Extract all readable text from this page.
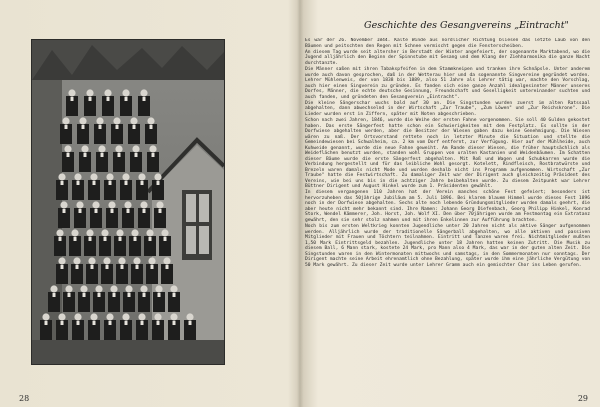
28
Geschichte des Gesangvereins „Eintracht"

Es war der 26. November 1844. Kalte Winde aus nördlicher Richtung bliesen das letzte Laub von den Bäumen und peitschten den Regen mit Schnee vermischt gegen die Fensterscheiben.

An diesem Tag wurde seit altersher in Berstadt der Winter angefeiert, der sogenannte Marktabend, wo die Jugend alljährlich den Beginn der Spinnstube mit Gesang und dem Klang der Ziehharmonika die ganze Nacht durchtanzte.

Die Männer saßen mit ihren Tabakspfeifen in dem Stammkneipen und tranken ihre Schnäpsle. Unter anderem wurde auch davon gesprochen, daß in der Wetterau hier und da sogenannte Singvereine gegründet worden. Lehrer Mühlenweis, der von 1838 bis 1889, also 51 Jahre als Lehrer tätig war, machte den Vorschlag, auch hier einen Singverein zu gründen. Es fanden sich eine ganze Anzahl idealgesinnter Männer unseres Dorfes, Männer, die echte deutsche Gesinnung, Freundschaft und Geselligkeit untereinander suchten und auch fanden, und gründeten den Gesangverein „Eintracht".

Die kleine Sängerschar wuchs bald auf 30 an. Die Singstunden wurden zuerst im alten Ratssaal abgehalten, dann abwechselnd in der Wirtschaft „Zur Traube", „Zum Löwen" und „Zur Reichskrone". Die Lieder wurden erst in Ziffern, später mit Noten abgeschrieben.

Schon nach zwei Jahren, 1846, wurde die Weihe der ersten Fahne vorgenommen. Sie soll 40 Gulden gekostet haben. Das erste Sängerfest hatte schon ein Schwierigkeiten mit dem Festplatz. Es sollte in der Dorfwiese abgehalten werden, aber die Besitzer der Wiesen gaben dazu keine Genehmigung. Die Wiesen wären zu naß. Der Ortsvorstand rettete noch in letzter Minute die Situation und stellte die Gemeindewiesen bei Schwalheim, ca. 2 km vom Dorf entfernt, zur Verfügung. Hier auf der Mühlheide, auch Kuhweide genannt, wurde die neue Fahne geweiht. Am Rande dieser Wiesen, die früher hauptsächlich als Weideflächen benutzt wurden, standen wohl Gruppen von uralten Kastanien und Weidenbäumen. Im Schatten dieser Bäume wurde die erste Sängerfest abgehalten. Mit Roß und Wagen und Schubkarren wurde die Verbindung hergestellt und für das leibliche Wohl gesorgt. Kotelett, Rindfleisch, Rostbratwürste und Brezeln waren damals nicht Mode und wurden deshalb nicht ins Programm aufgenommen. Wirtschaft „Zur Traube" hatte die Festwirtschaft. Zu damaliger Zeit war der Dirigent auch gleichzeitig Präsident des Vereins, wie bei uns bis in die achtziger Jahre beibehalten wurde. Zu diesem Zeitpunkt war Lehrer Büttner Dirigent und August Hinkel wurde zum 1. Präsidenten gewählt.

In diesem vergangenen 110 Jahren hat der Verein manches schöne Fest gefeiert; besonders ist hervorzuheben das 50jährige Jubiläum am 5. Juli 1896. Bei klarem blauem Himmel wurde dieses Fest 1896 noch in der Dorfwiese abgehalten. Sechs alte noch lebende Gründungsmitglieder wurden damals geehrt, die aber heute nicht mehr bekannt sind. Ihre Namen: Johann Georg Diefenbach, Georg Philipp Hinkel, Konrad Stork, Wendel Kämmerer, Joh. Horst, Joh. Wolf XI. Den über 70jährigen wurde am Festmontag ein Extratanz gewährt, den sie sehr stolz nahmen und mit ihren Enkelinnen zur Aufführung brachten.

Noch bis zum ersten Weltkrieg konnten Jugendliche unter 20 Jahren nicht als aktive Sänger aufgenommen werden. Alljährlich wurde der traditionelle Sängerball abgehalten, wo alle aktiven und passiven Mitglieder mit Frauen und Töchtern teilnahmen. Eintritt und Tanzen waren frei. Nichtmitglieder mußten 1,50 Mark Eintrittsgeld bezahlen. Jugendliche unter 18 Jahren hatten keinen Zutritt. Die Musik zu diesem Ball, 6 Mann stark, kostete 24 Mark, pro Mann also 4 Mark, das war in der guten alten Zeit. Die Singstunden waren in den Wintermonaten mittwochs und samstags, in den Sommermonaten nur sonntags. Der Dirigent machte seine Arbeit ehrenamtlich ohne Bezahlung, später wurde ihm eine jährliche Vergütung von 50 Mark gewährt. Zu dieser Zeit wurde unter Lehrer Gramm auch ein gemischter Chor ins Leben gerufen.

29
